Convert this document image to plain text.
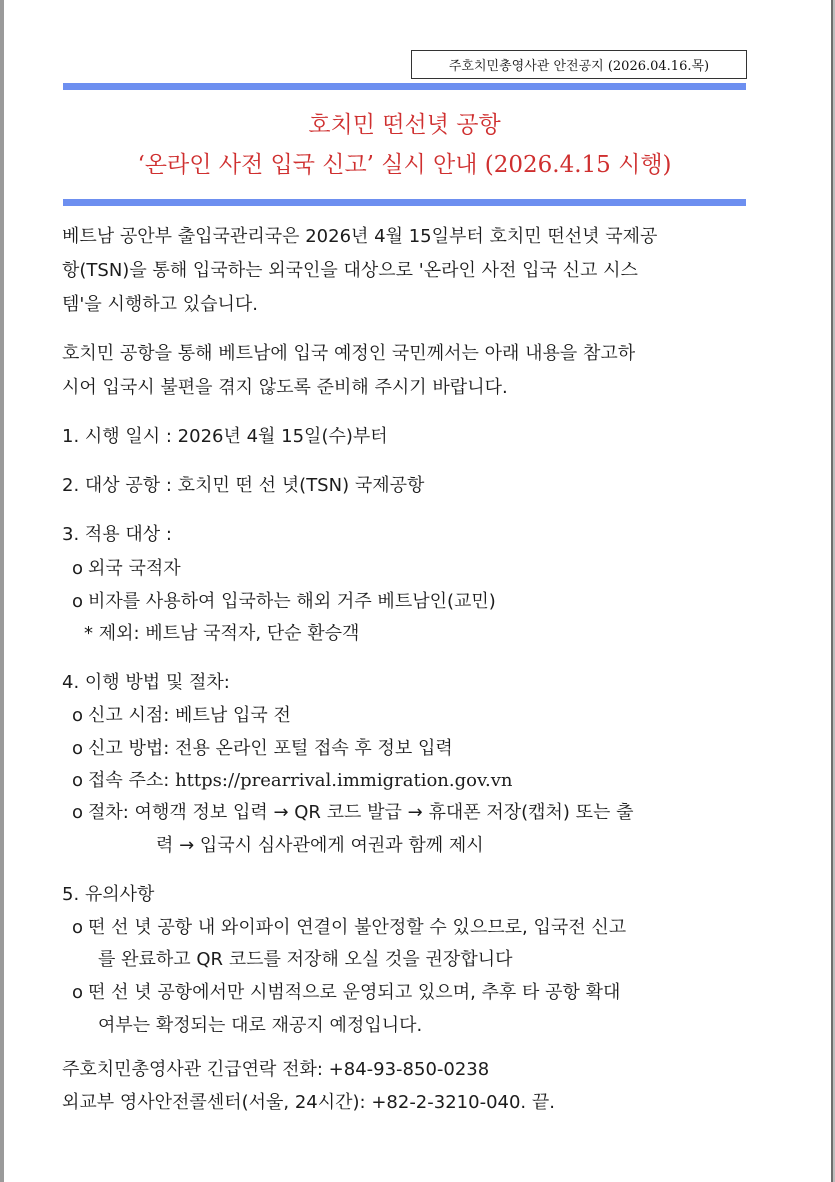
주호치민총영사관 안전공지 (2026.04.16.목)
호치민 떤선녓 공항
‘온라인 사전 입국 신고’ 실시 안내 (2026.4.15 시행)
베트남 공안부 출입국관리국은 2026년 4월 15일부터 호치민 떤선녓 국제공
항(TSN)을 통해 입국하는 외국인을 대상으로 '온라인 사전 입국 신고 시스
템'을 시행하고 있습니다.
호치민 공항을 통해 베트남에 입국 예정인 국민께서는 아래 내용을 참고하
시어 입국시 불편을 겪지 않도록 준비해 주시기 바랍니다.
1. 시행 일시 : 2026년 4월 15일(수)부터
2. 대상 공항 : 호치민 떤 선 녓(TSN) 국제공항
3. 적용 대상 :
o 외국 국적자
o 비자를 사용하여 입국하는 해외 거주 베트남인(교민)
* 제외: 베트남 국적자, 단순 환승객
4. 이행 방법 및 절차:
o 신고 시점: 베트남 입국 전
o 신고 방법: 전용 온라인 포털 접속 후 정보 입력
o 접속 주소: https://prearrival.immigration.gov.vn
o 절차: 여행객 정보 입력 → QR 코드 발급 → 휴대폰 저장(캡처) 또는 출
력 → 입국시 심사관에게 여권과 함께 제시
5. 유의사항
o 떤 선 녓 공항 내 와이파이 연결이 불안정할 수 있으므로, 입국전 신고
를 완료하고 QR 코드를 저장해 오실 것을 권장합니다
o 떤 선 녓 공항에서만 시범적으로 운영되고 있으며, 추후 타 공항 확대
여부는 확정되는 대로 재공지 예정입니다.
주호치민총영사관 긴급연락 전화: +84-93-850-0238
외교부 영사안전콜센터(서울, 24시간): +82-2-3210-040. 끝.
